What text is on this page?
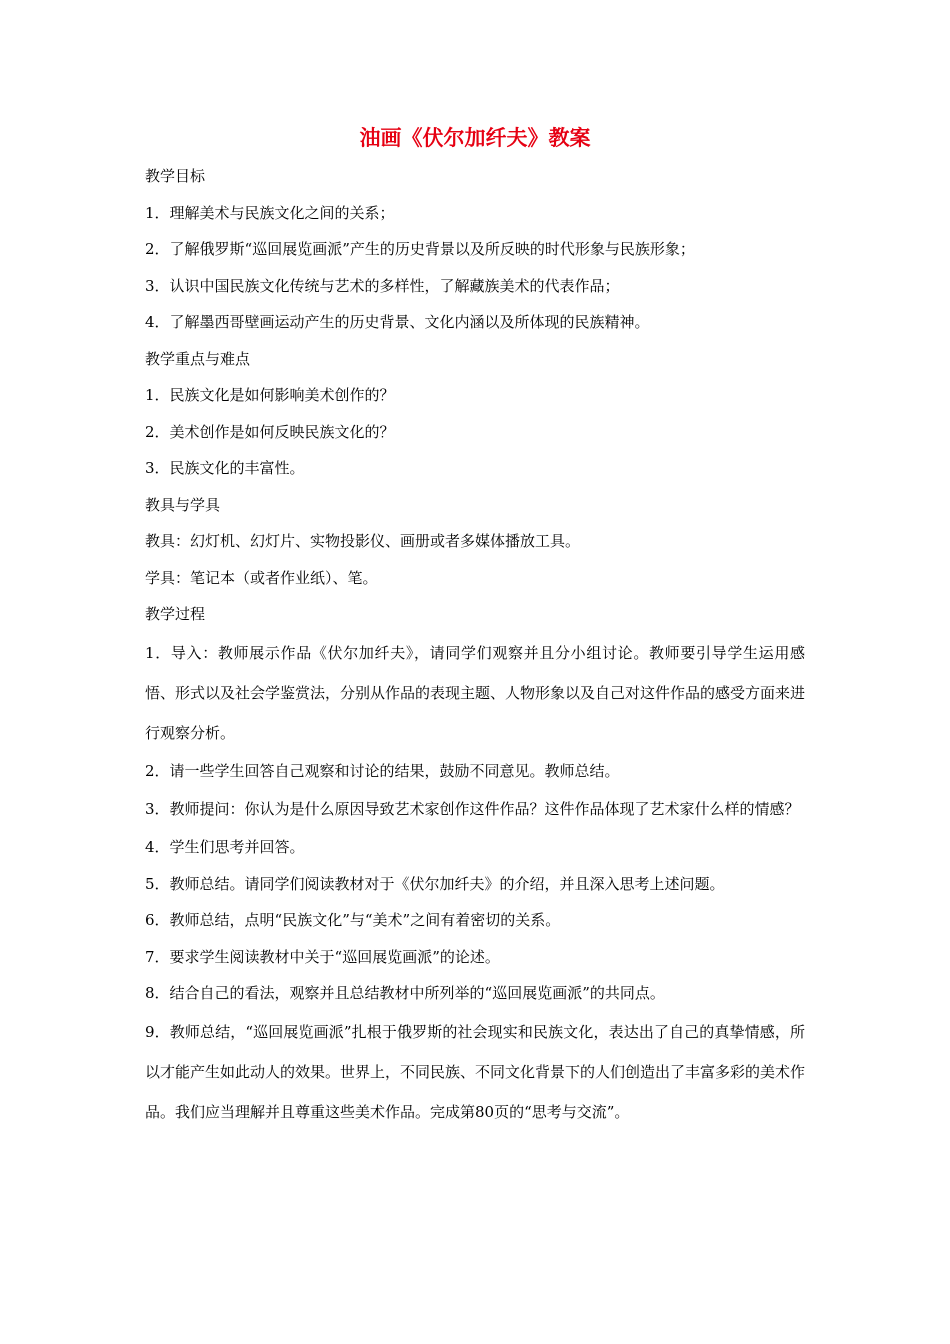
油画《伏尔加纤夫》教案

教学目标

1．理解美术与民族文化之间的关系；

2．了解俄罗斯“巡回展览画派”产生的历史背景以及所反映的时代形象与民族形象；

3．认识中国民族文化传统与艺术的多样性，了解藏族美术的代表作品；

4．了解墨西哥壁画运动产生的历史背景、文化内涵以及所体现的民族精神。

教学重点与难点

1．民族文化是如何影响美术创作的？

2．美术创作是如何反映民族文化的？

3．民族文化的丰富性。

教具与学具

教具：幻灯机、幻灯片、实物投影仪、画册或者多媒体播放工具。

学具：笔记本（或者作业纸）、笔。

教学过程

1．导入：教师展示作品《伏尔加纤夫》，请同学们观察并且分小组讨论。教师要引导学生运用感悟、形式以及社会学鉴赏法，分别从作品的表现主题、人物形象以及自己对这件作品的感受方面来进行观察分析。

2．请一些学生回答自己观察和讨论的结果，鼓励不同意见。教师总结。

3．教师提问：你认为是什么原因导致艺术家创作这件作品？这件作品体现了艺术家什么样的情感？

4．学生们思考并回答。

5．教师总结。请同学们阅读教材对于《伏尔加纤夫》的介绍，并且深入思考上述问题。

6．教师总结，点明“民族文化”与“美术”之间有着密切的关系。

7．要求学生阅读教材中关于“巡回展览画派”的论述。

8．结合自己的看法，观察并且总结教材中所列举的“巡回展览画派”的共同点。

9．教师总结，“巡回展览画派”扎根于俄罗斯的社会现实和民族文化，表达出了自己的真挚情感，所以才能产生如此动人的效果。世界上，不同民族、不同文化背景下的人们创造出了丰富多彩的美术作品。我们应当理解并且尊重这些美术作品。完成第80页的“思考与交流”。
